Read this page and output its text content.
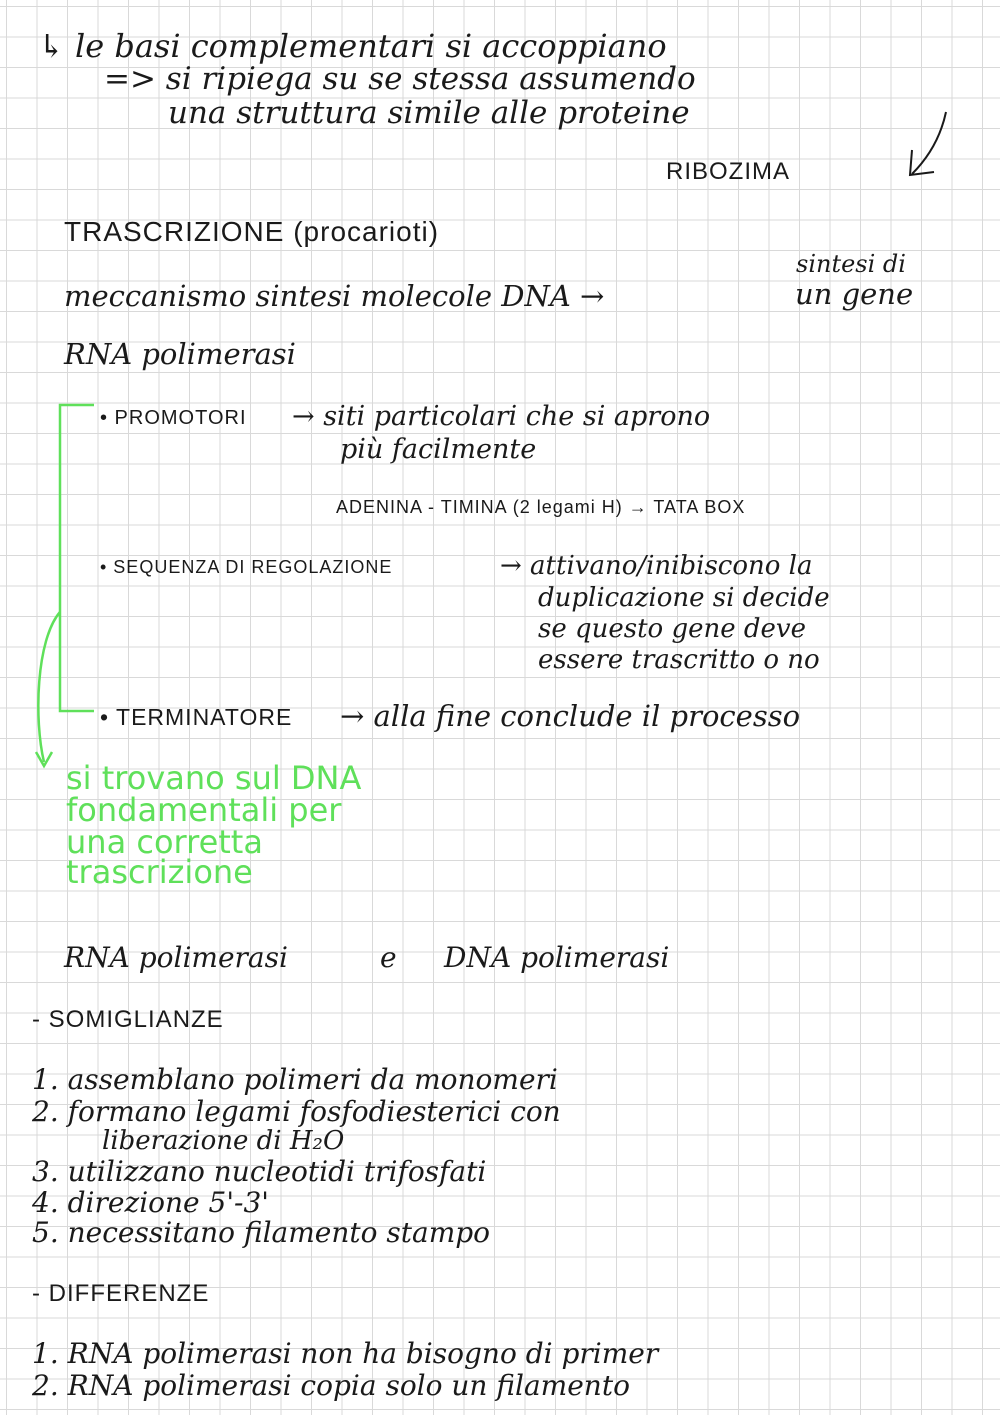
↳ le basi complementari si accoppiano
=> si ripiega su se stessa assumendo
una struttura simile alle proteine
RIBOZIMA
TRASCRIZIONE (procarioti)
meccanismo sintesi molecole DNA →
sintesi di
un gene
RNA polimerasi
• PROMOTORI → siti particolari che si aprono
più facilmente
ADENINA - TIMINA (2 legami H) → TATA BOX
• SEQUENZA DI REGOLAZIONE	→ attivano/inibiscono la
duplicazione si decide
se questo gene deve
essere trascritto o no
• TERMINATORE → alla fine conclude il processo
si trovano sul DNA
fondamentali per
una corretta
trascrizione
RNA polimerasi	e DNA polimerasi
- SOMIGLIANZE
1. assemblano polimeri da monomeri
2. formano legami fosfodiesterici con
liberazione di H₂O
3. utilizzano nucleotidi trifosfati
4. direzione 5'-3'
5. necessitano filamento stampo
- DIFFERENZE
1. RNA polimerasi non ha bisogno di primer
2. RNA polimerasi copia solo un filamento
